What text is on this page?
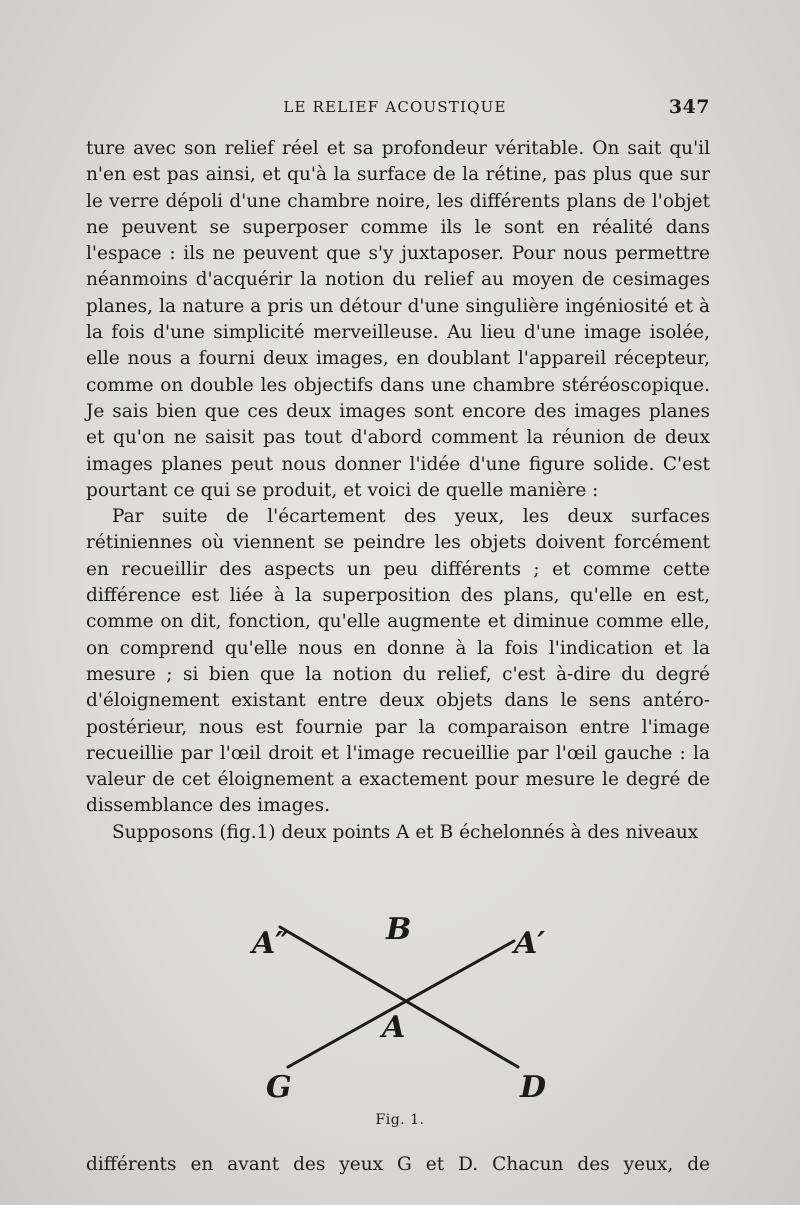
LE RELIEF ACOUSTIQUE	347

ture avec son relief réel et sa profondeur véritable. On sait qu'il n'en est pas ainsi, et qu'à la surface de la rétine, pas plus que sur le verre dépoli d'une chambre noire, les différents plans de l'objet ne peuvent se superposer comme ils le sont en réalité dans l'espace : ils ne peuvent que s'y juxtaposer. Pour nous permettre néanmoins d'acquérir la notion du relief au moyen de cesimages planes, la nature a pris un détour d'une singulière ingéniosité et à la fois d'une simplicité merveilleuse. Au lieu d'une image isolée, elle nous a fourni deux images, en doublant l'appareil récepteur, comme on double les objectifs dans une chambre stéréoscopique. Je sais bien que ces deux images sont encore des images planes et qu'on ne saisit pas tout d'abord comment la réunion de deux images planes peut nous donner l'idée d'une figure solide. C'est pourtant ce qui se produit, et voici de quelle manière :

Par suite de l'écartement des yeux, les deux surfaces rétiniennes où viennent se peindre les objets doivent forcément en recueillir des aspects un peu différents ; et comme cette différence est liée à la superposition des plans, qu'elle en est, comme on dit, fonction, qu'elle augmente et diminue comme elle, on comprend qu'elle nous en donne à la fois l'indication et la mesure ; si bien que la notion du relief, c'est à-dire du degré d'éloignement existant entre deux objets dans le sens antéro-postérieur, nous est fournie par la comparaison entre l'image recueillie par l'œil droit et l'image recueillie par l'œil gauche : la valeur de cet éloignement a exactement pour mesure le degré de dissemblance des images.

Supposons (fig.1) deux points A et B échelonnés à des niveaux

A″	B	A′
A
G	D
Fig. 1.
différents en avant des yeux G et D. Chacun des yeux, de
